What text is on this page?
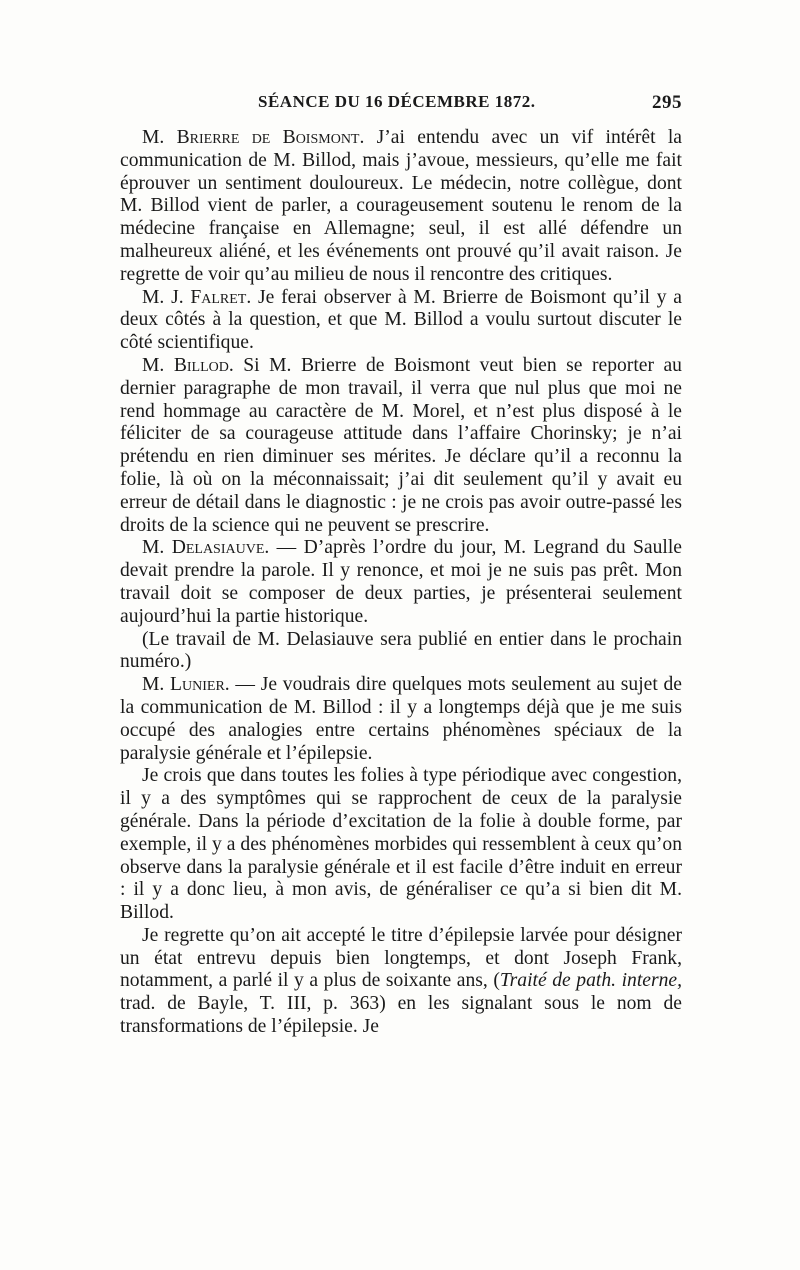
SÉANCE DU 16 DÉCEMBRE 1872.	295

M. Brierre de Boismont. J’ai entendu avec un vif intérêt la communication de M. Billod, mais j’avoue, messieurs, qu’elle me fait éprouver un sentiment douloureux. Le médecin, notre collègue, dont M. Billod vient de parler, a courageusement soutenu le renom de la médecine française en Allemagne; seul, il est allé défendre un malheureux aliéné, et les événements ont prouvé qu’il avait raison. Je regrette de voir qu’au milieu de nous il rencontre des critiques.

M. J. Falret. Je ferai observer à M. Brierre de Boismont qu’il y a deux côtés à la question, et que M. Billod a voulu surtout discuter le côté scientifique.

M. Billod. Si M. Brierre de Boismont veut bien se reporter au dernier paragraphe de mon travail, il verra que nul plus que moi ne rend hommage au caractère de M. Morel, et n’est plus disposé à le féliciter de sa courageuse attitude dans l’affaire Chorinsky; je n’ai prétendu en rien diminuer ses mérites. Je déclare qu’il a reconnu la folie, là où on la méconnaissait; j’ai dit seulement qu’il y avait eu erreur de détail dans le diagnostic : je ne crois pas avoir outre-passé les droits de la science qui ne peuvent se prescrire.

M. Delasiauve. — D’après l’ordre du jour, M. Legrand du Saulle devait prendre la parole. Il y renonce, et moi je ne suis pas prêt. Mon travail doit se composer de deux parties, je présenterai seulement aujourd’hui la partie historique.

(Le travail de M. Delasiauve sera publié en entier dans le prochain numéro.)

M. Lunier. — Je voudrais dire quelques mots seulement au sujet de la communication de M. Billod : il y a longtemps déjà que je me suis occupé des analogies entre certains phénomènes spéciaux de la paralysie générale et l’épilepsie.

Je crois que dans toutes les folies à type périodique avec congestion, il y a des symptômes qui se rapprochent de ceux de la paralysie générale. Dans la période d’excitation de la folie à double forme, par exemple, il y a des phénomènes morbides qui ressemblent à ceux qu’on observe dans la paralysie générale et il est facile d’être induit en erreur : il y a donc lieu, à mon avis, de généraliser ce qu’a si bien dit M. Billod.

Je regrette qu’on ait accepté le titre d’épilepsie larvée pour désigner un état entrevu depuis bien longtemps, et dont Joseph Frank, notamment, a parlé il y a plus de soixante ans, (Traité de path. interne, trad. de Bayle, T. III, p. 363) en les signalant sous le nom de transformations de l’épilepsie. Je
